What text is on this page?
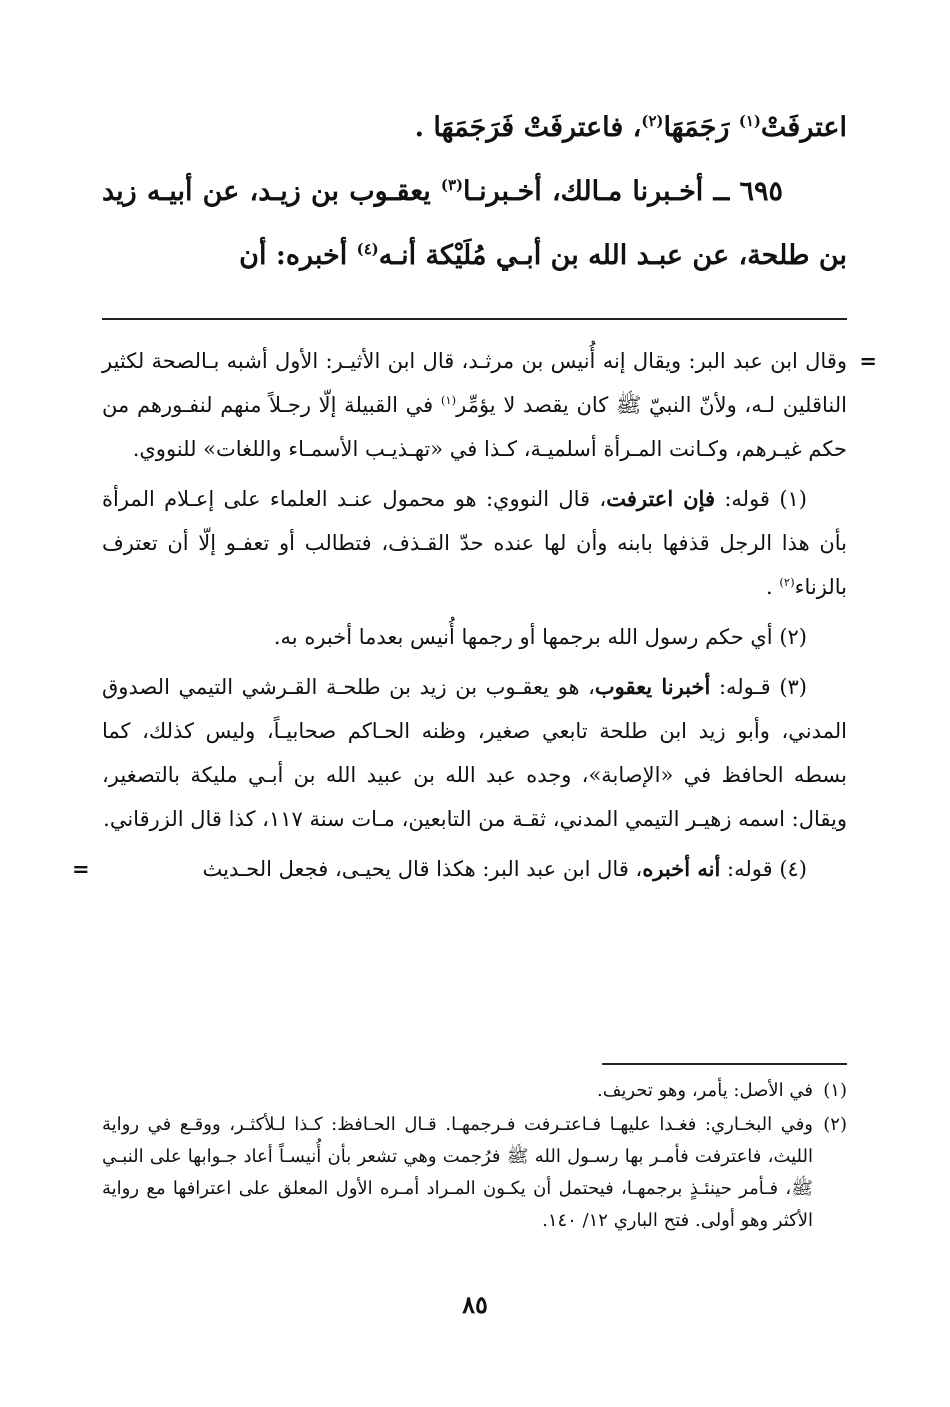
اعترفَتْ$^{(١)}$ رَجَمَهَا$^{(٢)}$، فاعترفَتْ فَرَجَمَهَا .

٦٩٥ ــ أخـبرنا مـالك، أخـبرنـا$^{(٣)}$ يعقـوب بن زيـد، عن أبيـه زيد بن طلحة، عن عبـد الله بن أبـي مُلَيْكة أنـه$^{(٤)}$ أخبره: أن

=
وقال ابن عبد البر: ويقال إنه أُنيس بن مرثـد، قال ابن الأثيـر: الأول أشبه بـالصحة لكثير الناقلين لـه، ولأنّ النبيّ ﷺ كان يقصد لا يؤمِّر$^{(١)}$ في القبيلة إلّا رجـلاً منهم لنفـورهم من حكم غيـرهم، وكـانت المـرأة أسلميـة، كـذا في «تهـذيـب الأسمـاء واللغات» للنووي.

(١) قوله: فإن اعترفت، قال النووي: هو محمول عنـد العلماء على إعـلام المرأة بأن هذا الرجل قذفها بابنه وأن لها عنده حدّ القـذف، فتطالب أو تعفـو إلّا أن تعترف بالزناء$^{(٢)}$ .

(٢) أي حكم رسول الله برجمها أو رجمها أُنيس بعدما أخبره به.

(٣) قـوله: أخبرنا يعقوب، هو يعقـوب بن زيد بن طلحـة القـرشي التيمي الصدوق المدني، وأبو زيد ابن طلحة تابعي صغير، وظنه الحـاكم صحابيـاً، وليس كذلك، كما بسطه الحافظ في «الإصابة»، وجده عبد الله بن عبيد الله بن أبـي مليكة بالتصغير، ويقال: اسمه زهيـر التيمي المدني، ثقـة من التابعين، مـات سنة ١١٧، كذا قال الزرقاني.

(٤) قوله: أنه أخبره، قال ابن عبد البر: هكذا قال يحيـى، فجعل الحـديث
=

(١)
في الأصل: يأمر، وهو تحريف.

(٢)
وفي البخـاري: فغـدا عليهـا فـاعتـرفت فـرجمهـا. قـال الحـافظ: كـذا لـلأكثـر، ووقـع في رواية الليث، فاعترفت فأمـر بها رسـول الله ﷺ فرُجمت وهي تشعر بأن أُنيسـاً أعاد جـوابها على النبـي ﷺ، فـأمر حينئـذٍ برجمهـا، فيحتمل أن يكـون المـراد أمـره الأول المعلق على اعترافها مع رواية الأكثر وهو أولى. فتح الباري ١٢/ ١٤٠.

٨٥
